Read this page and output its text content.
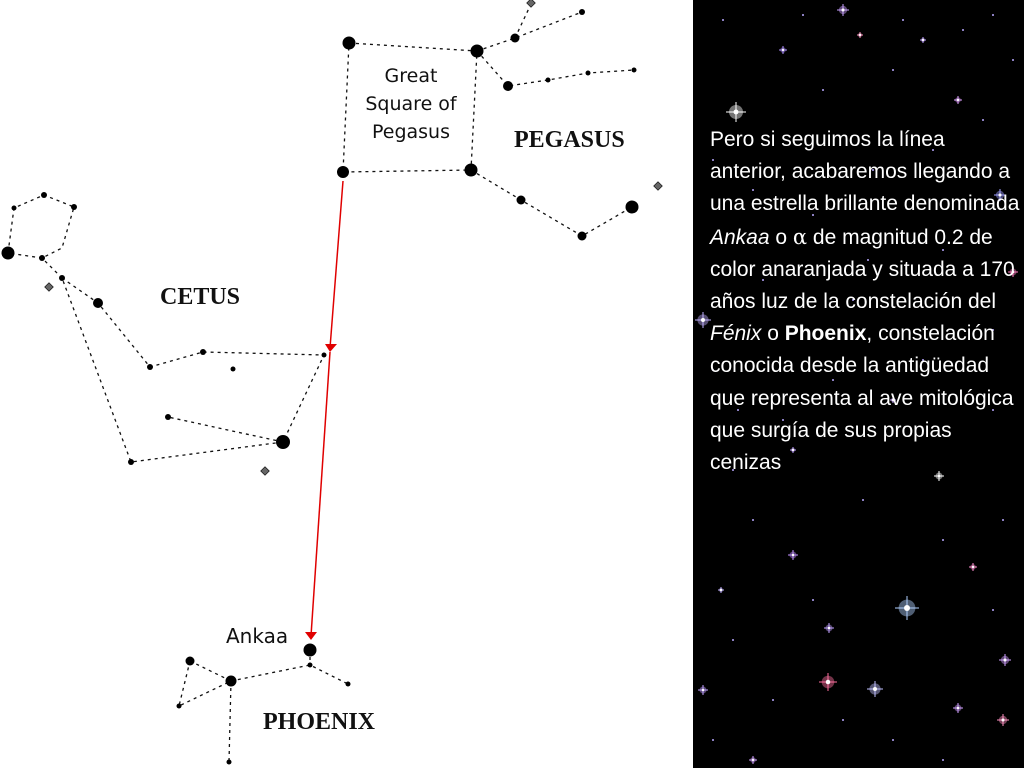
Great
Square of
Pegasus	PEGASUS
CETUS
Ankaa
PHOENIX
Pero si seguimos la línea anterior, acabaremos llegando a una estrella brillante denominada Ankaa o α de magnitud 0.2 de color anaranjada y situada a 170 años luz de la constelación del Fénix o Phoenix, constelación conocida desde la antigüedad que representa al ave mitológica que surgía de sus propias cenizas
